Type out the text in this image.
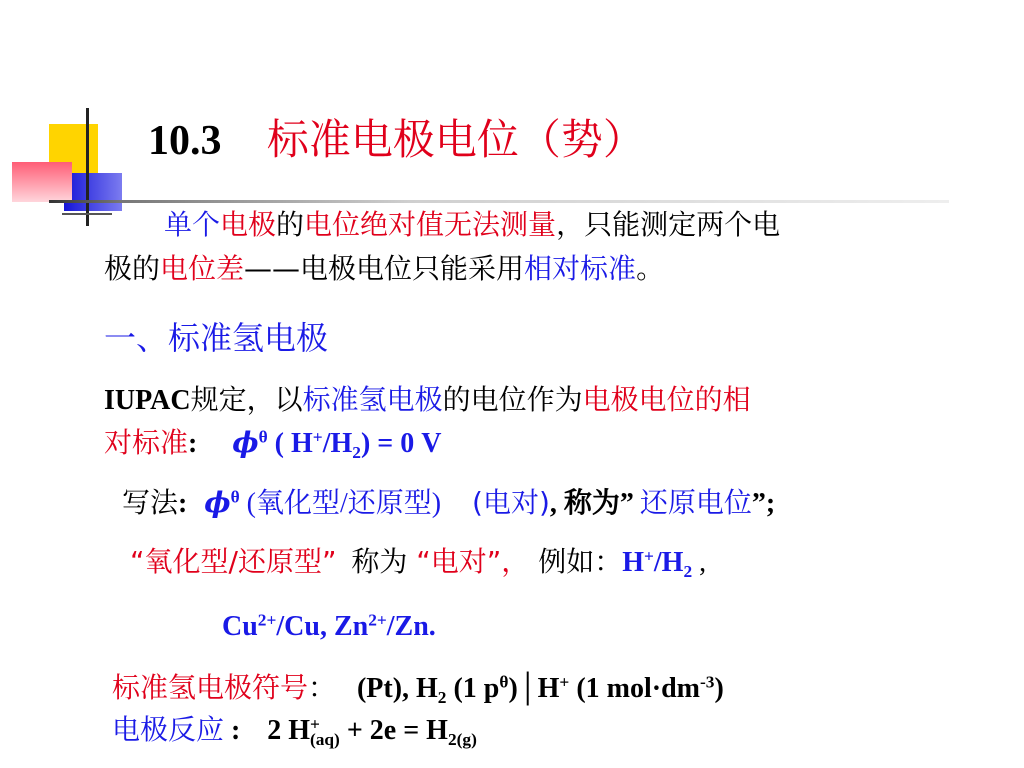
10.3 标准电极电位（势）
单个电极的电位绝对值无法测量，只能测定两个电
极的电位差——电极电位只能采用相对标准。
一、标准氢电极
IUPAC规定，以标准氢电极的电位作为电极电位的相
对标准: $\phi^\theta$ ( $H^+/H_2) = 0$ V
写法: $\phi^\theta$ (氧化型/还原型) (电对), 称为” 还原电位”;
“氧化型/还原型” 称为 “电对”， 例如：$H^+/H_2$ ,
$Cu^{2+}/Cu$, $Zn^{2+}/Zn$.
标准氢电极符号： (Pt), $H_2$ (1 $p^\theta)│H^+$ (1 $mol\cdot dm^{-3}$)
电极反应 : 2 $H^+_{(aq)} + 2e = H_{2(g)}$
